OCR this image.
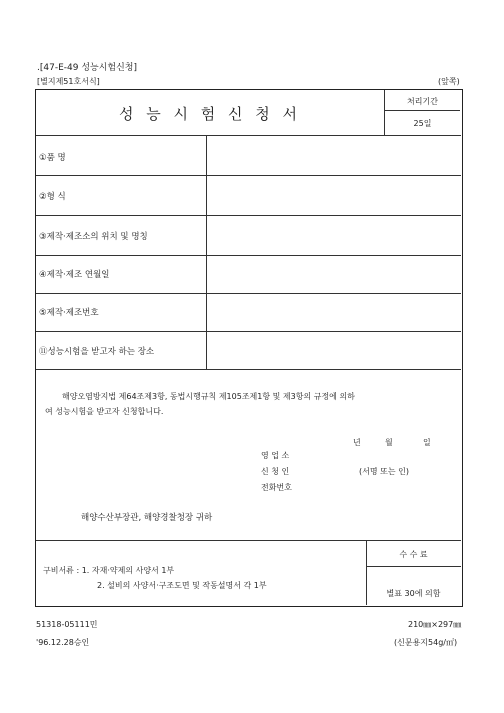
.[47-E-49 성능시험신청]
[별지제51호서식]	(앞쪽)
성 능 시 험 신 청 서
처리기간
25일
①품 명
②형 식
③제작·제조소의 위치 및 명칭
④제작·제조 연월일
⑤제작·제조번호
⑪성능시험을 받고자 하는 장소
해양오염방지법 제64조제3항, 동법시행규칙 제105조제1항 및 제3항의 규정에 의하
여 성능시험을 받고자 신청합니다.
년	월	일
영 업 소
신 청 인	(서명 또는 인)
전화번호
해양수산부장관, 해양경찰청장 귀하
구비서류 : 1. 자재·약제의 사양서 1부
2. 설비의 사양서·구조도면 및 작동설명서 각 1부
수 수 료
별표 30에 의함
51318-05111민
'96.12.28승인
210㎜×297㎜
(신문용지54g/㎡)
